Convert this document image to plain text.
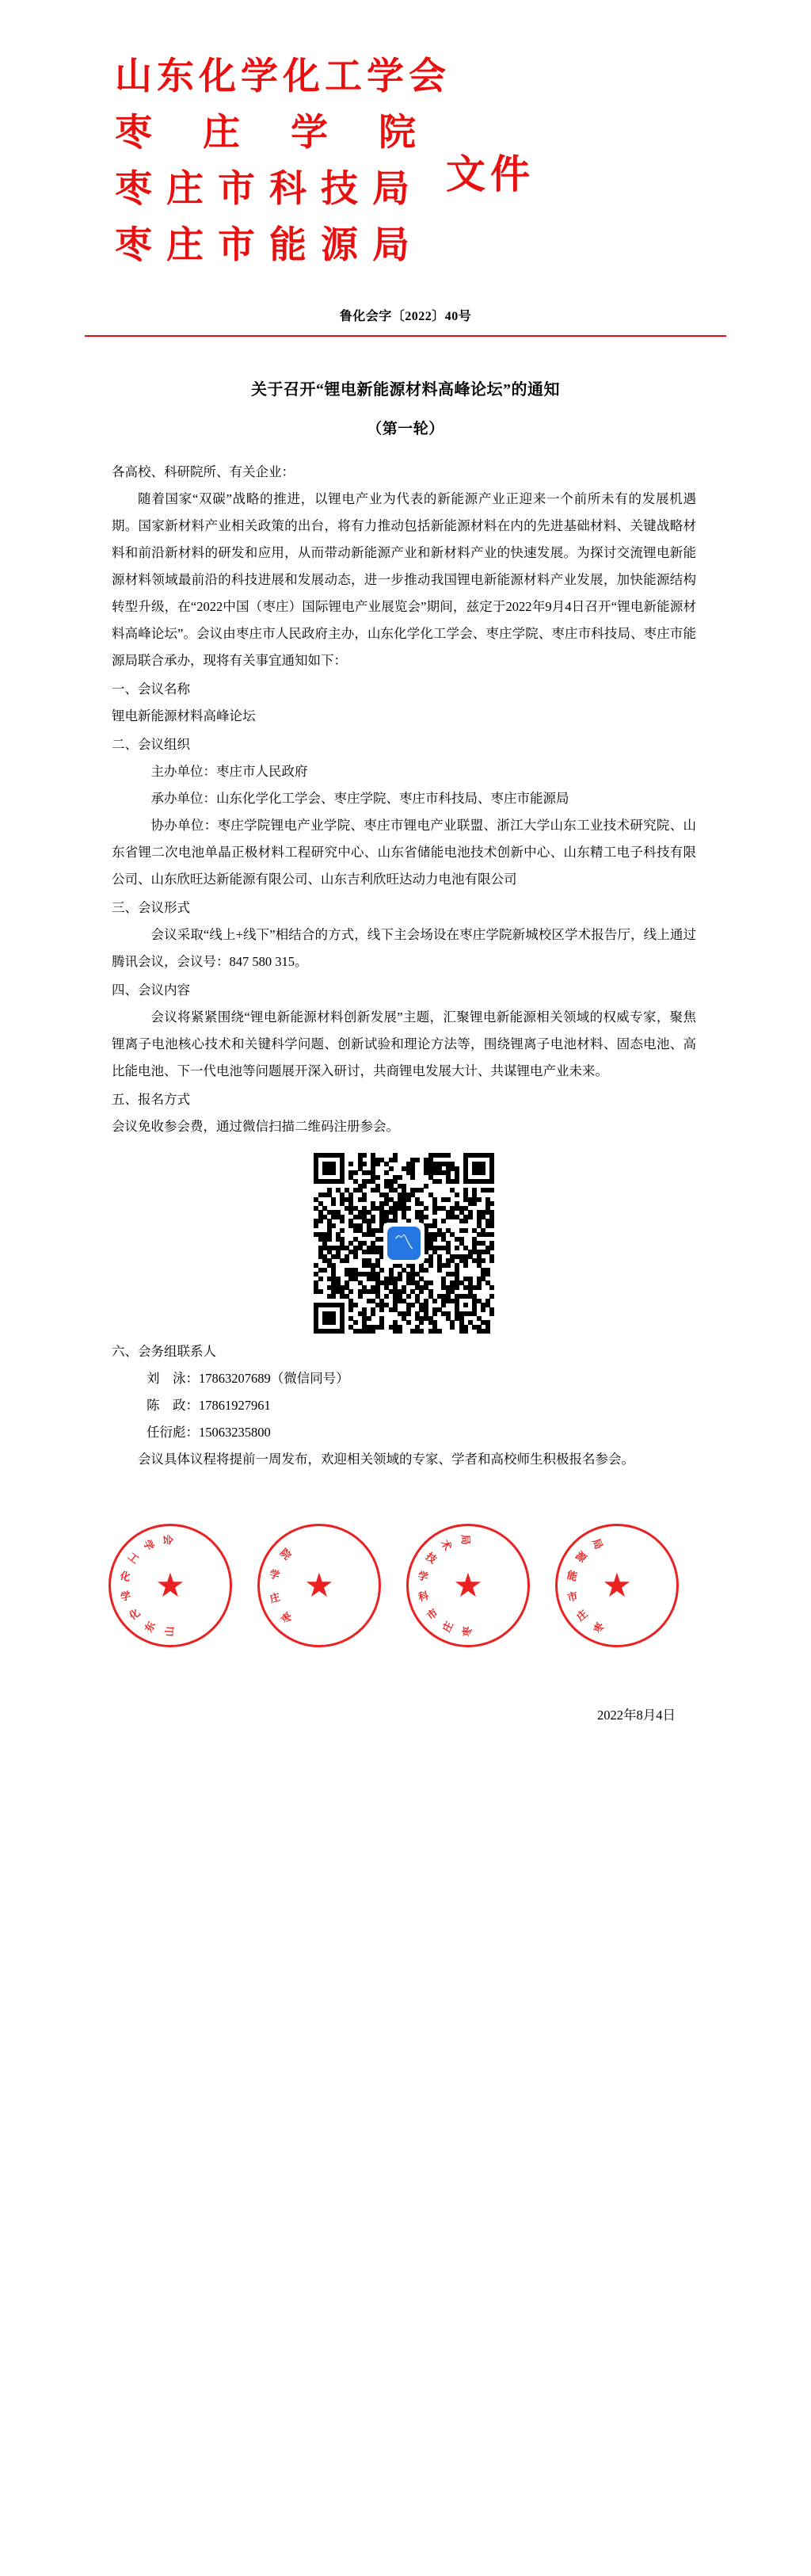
山东化学化工学会
枣庄学院
枣庄市科技局
枣庄市能源局
文件
鲁化会字〔2022〕40号
关于召开“锂电新能源材料高峰论坛”的通知
（第一轮）

各高校、科研院所、有关企业：

随着国家“双碳”战略的推进，以锂电产业为代表的新能源产业正迎来一个前所未有的发展机遇期。国家新材料产业相关政策的出台，将有力推动包括新能源材料在内的先进基础材料、关键战略材料和前沿新材料的研发和应用，从而带动新能源产业和新材料产业的快速发展。为探讨交流锂电新能源材料领域最前沿的科技进展和发展动态，进一步推动我国锂电新能源材料产业发展，加快能源结构转型升级，在“2022中国（枣庄）国际锂电产业展览会”期间，兹定于2022年9月4日召开“锂电新能源材料高峰论坛”。会议由枣庄市人民政府主办，山东化学化工学会、枣庄学院、枣庄市科技局、枣庄市能源局联合承办，现将有关事宜通知如下：

一、会议名称

锂电新能源材料高峰论坛

二、会议组织

主办单位：枣庄市人民政府

承办单位：山东化学化工学会、枣庄学院、枣庄市科技局、枣庄市能源局

协办单位：枣庄学院锂电产业学院、枣庄市锂电产业联盟、浙江大学山东工业技术研究院、山东省锂二次电池单晶正极材料工程研究中心、山东省储能电池技术创新中心、山东精工电子科技有限公司、山东欣旺达新能源有限公司、山东吉利欣旺达动力电池有限公司

三、会议形式

会议采取“线上+线下”相结合的方式，线下主会场设在枣庄学院新城校区学术报告厅，线上通过腾讯会议，会议号：847 580 315。

四、会议内容

会议将紧紧围绕“锂电新能源材料创新发展”主题，汇聚锂电新能源相关领域的权威专家，聚焦锂离子电池核心技术和关键科学问题、创新试验和理论方法等，围绕锂离子电池材料、固态电池、高比能电池、下一代电池等问题展开深入研讨，共商锂电发展大计、共谋锂电产业未来。

五、报名方式

会议免收参会费，通过微信扫描二维码注册参会。

〽

六、会务组联系人

刘　泳：17863207689（微信同号）

陈　政：17861927961

任衍彪：15063235800

会议具体议程将提前一周发布，欢迎相关领域的专家、学者和高校师生积极报名参会。

山
东
化
学
化
工
学 会
★
枣
庄
学
院
★
枣
庄
市
科
学
技
术 局
★
枣
庄
市
能
源
局
★
2022年8月4日
